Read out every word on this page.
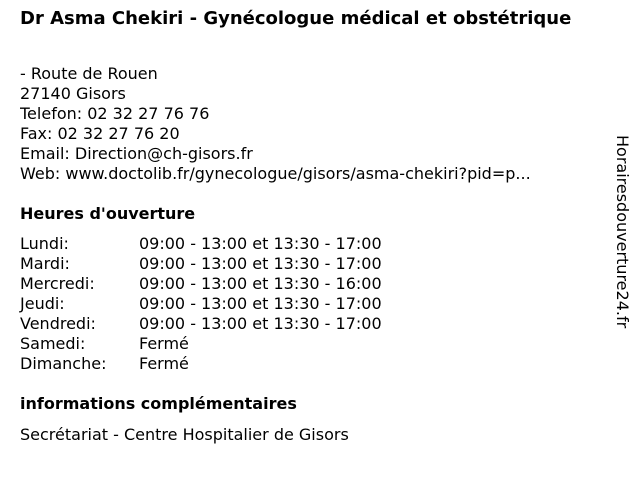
Dr Asma Chekiri - Gynécologue médical et obstétrique
- Route de Rouen
27140 Gisors
Telefon: 02 32 27 76 76
Fax: 02 32 27 76 20
Email: Direction@ch-gisors.fr
Web: www.doctolib.fr/gynecologue/gisors/asma-chekiri?pid=p...
Heures d'ouverture
Lundi:	09:00 - 13:00 et 13:30 - 17:00
Mardi:	09:00 - 13:00 et 13:30 - 17:00
Mercredi:	09:00 - 13:00 et 13:30 - 16:00
Jeudi:	09:00 - 13:00 et 13:30 - 17:00
Vendredi:	09:00 - 13:00 et 13:30 - 17:00
Samedi:	Fermé
Dimanche:	Fermé
informations complémentaires
Secrétariat - Centre Hospitalier de Gisors
Horairesdouverture24.fr
